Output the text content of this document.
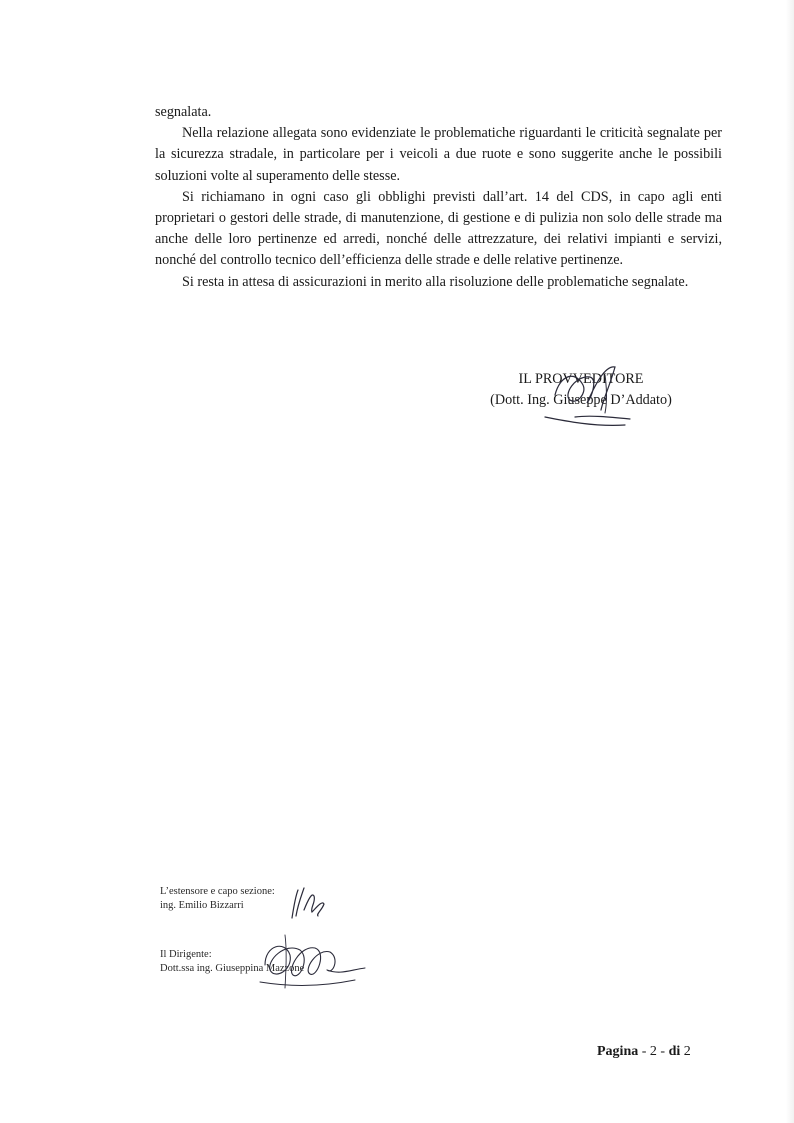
segnalata.

Nella relazione allegata sono evidenziate le problematiche riguardanti le criticità segnalate per la sicurezza stradale, in particolare per i veicoli a due ruote e sono suggerite anche le possibili soluzioni volte al superamento delle stesse.

Si richiamano in ogni caso gli obblighi previsti dall’art. 14 del CDS, in capo agli enti proprietari o gestori delle strade, di manutenzione, di gestione e di pulizia non solo delle strade ma anche delle loro pertinenze ed arredi, nonché delle attrezzature, dei relativi impianti e servizi, nonché del controllo tecnico dell’efficienza delle strade e delle relative pertinenze.

Si resta in attesa di assicurazioni in merito alla risoluzione delle problematiche segnalate.

IL PROVVEDITORE
(Dott. Ing. Giuseppe D’Addato)
L’estensore e capo sezione:
ing. Emilio Bizzarri
Il Dirigente:
Dott.ssa ing. Giuseppina Mazzone
Pagina - 2 - di 2
